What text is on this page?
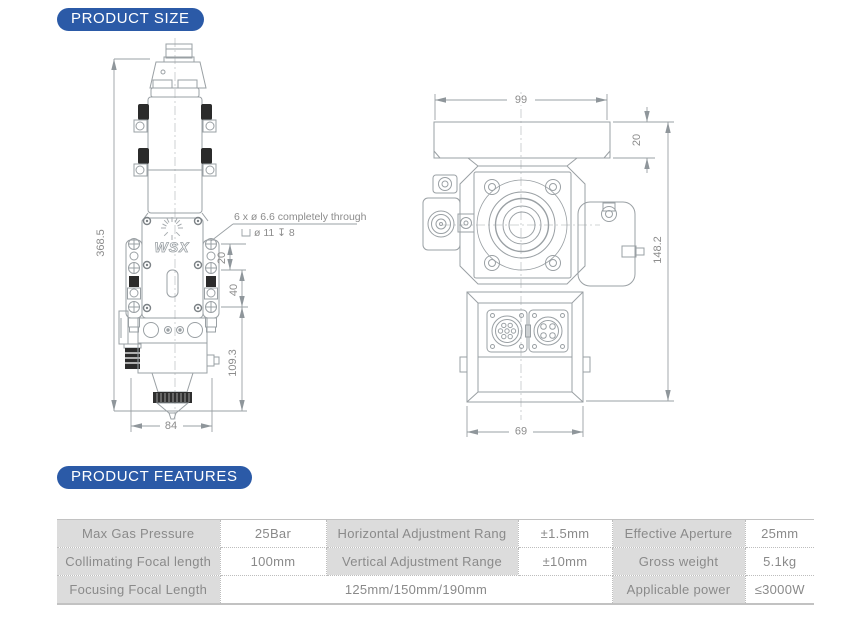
PRODUCT SIZE
WSX
368.5
84
20
40
109.3
6 x ø 6.6 completely through
ø 11 ↧ 8
99
20
148.2
69
PRODUCT FEATURES
Max Gas Pressure	25Bar	Horizontal Adjustment Rang	±1.5mm	Effective Aperture	25mm
Collimating Focal length	100mm	Vertical Adjustment Range	±10mm	Gross weight	5.1kg
Focusing Focal Length	125mm/150mm/190mm			Applicable power	≤3000W
